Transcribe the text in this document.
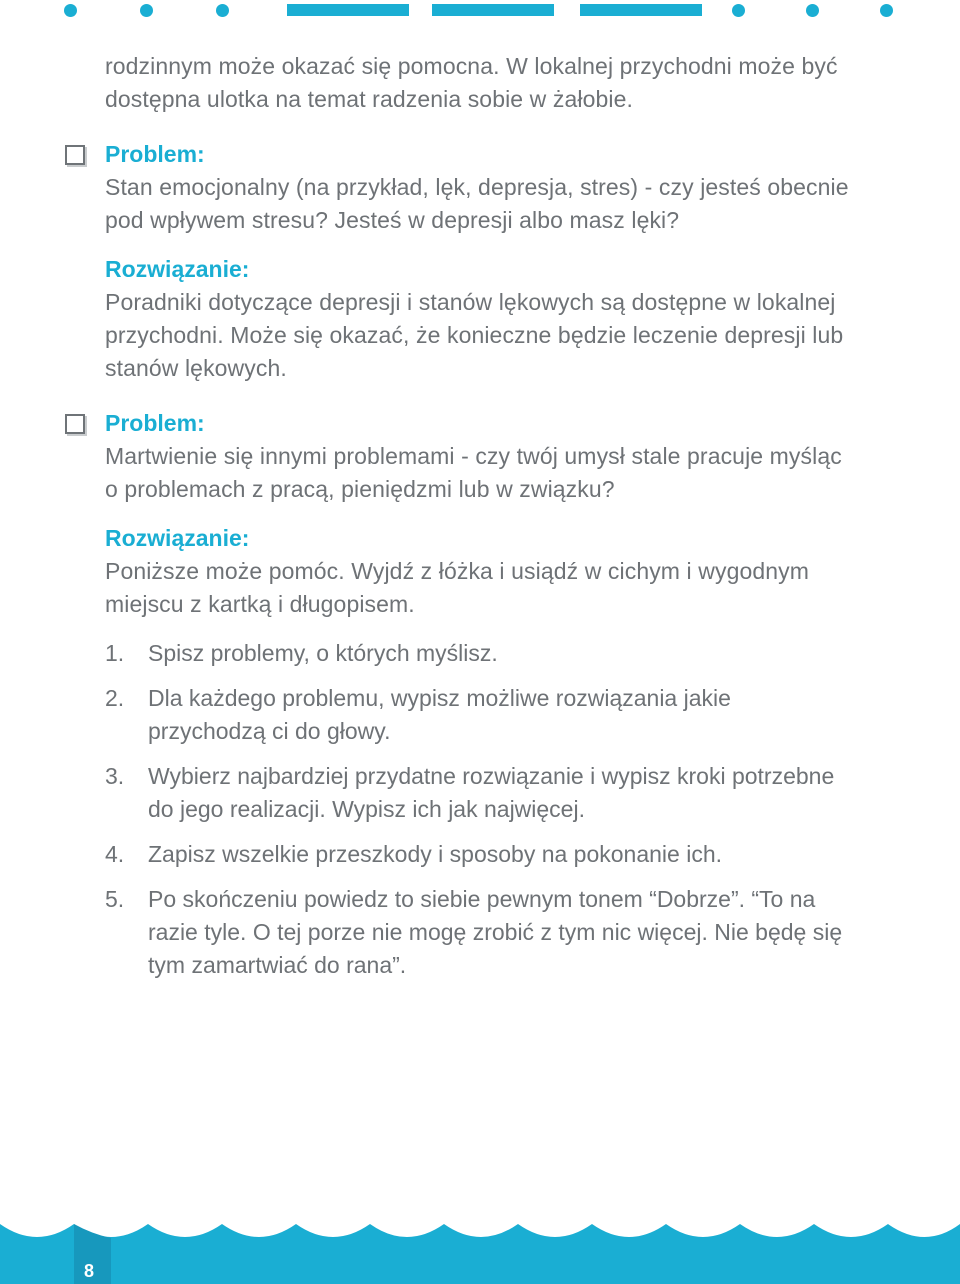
rodzinnym może okazać się pomocna. W lokalnej przychodni może być
dostępna ulotka na temat radzenia sobie w żałobie.
Problem:
Stan emocjonalny (na przykład, lęk, depresja, stres) - czy jesteś obecnie
pod wpływem stresu? Jesteś w depresji albo masz lęki?
Rozwiązanie:
Poradniki dotyczące depresji i stanów lękowych są dostępne w lokalnej
przychodni. Może się okazać, że konieczne będzie leczenie depresji lub
stanów lękowych.
Problem:
Martwienie się innymi problemami - czy twój umysł stale pracuje myśląc
o problemach z pracą, pieniędzmi lub w związku?
Rozwiązanie:
Poniższe może pomóc. Wyjdź z łóżka i usiądź w cichym i wygodnym
miejscu z kartką i długopisem.
1. Spisz problemy, o których myślisz.
2. Dla każdego problemu, wypisz możliwe rozwiązania jakie
przychodzą ci do głowy.
3. Wybierz najbardziej przydatne rozwiązanie i wypisz kroki potrzebne
do jego realizacji. Wypisz ich jak najwięcej.
4. Zapisz wszelkie przeszkody i sposoby na pokonanie ich.
5. Po skończeniu powiedz to siebie pewnym tonem “Dobrze”. “To na
razie tyle. O tej porze nie mogę zrobić z tym nic więcej. Nie będę się
tym zamartwiać do rana”.
8
